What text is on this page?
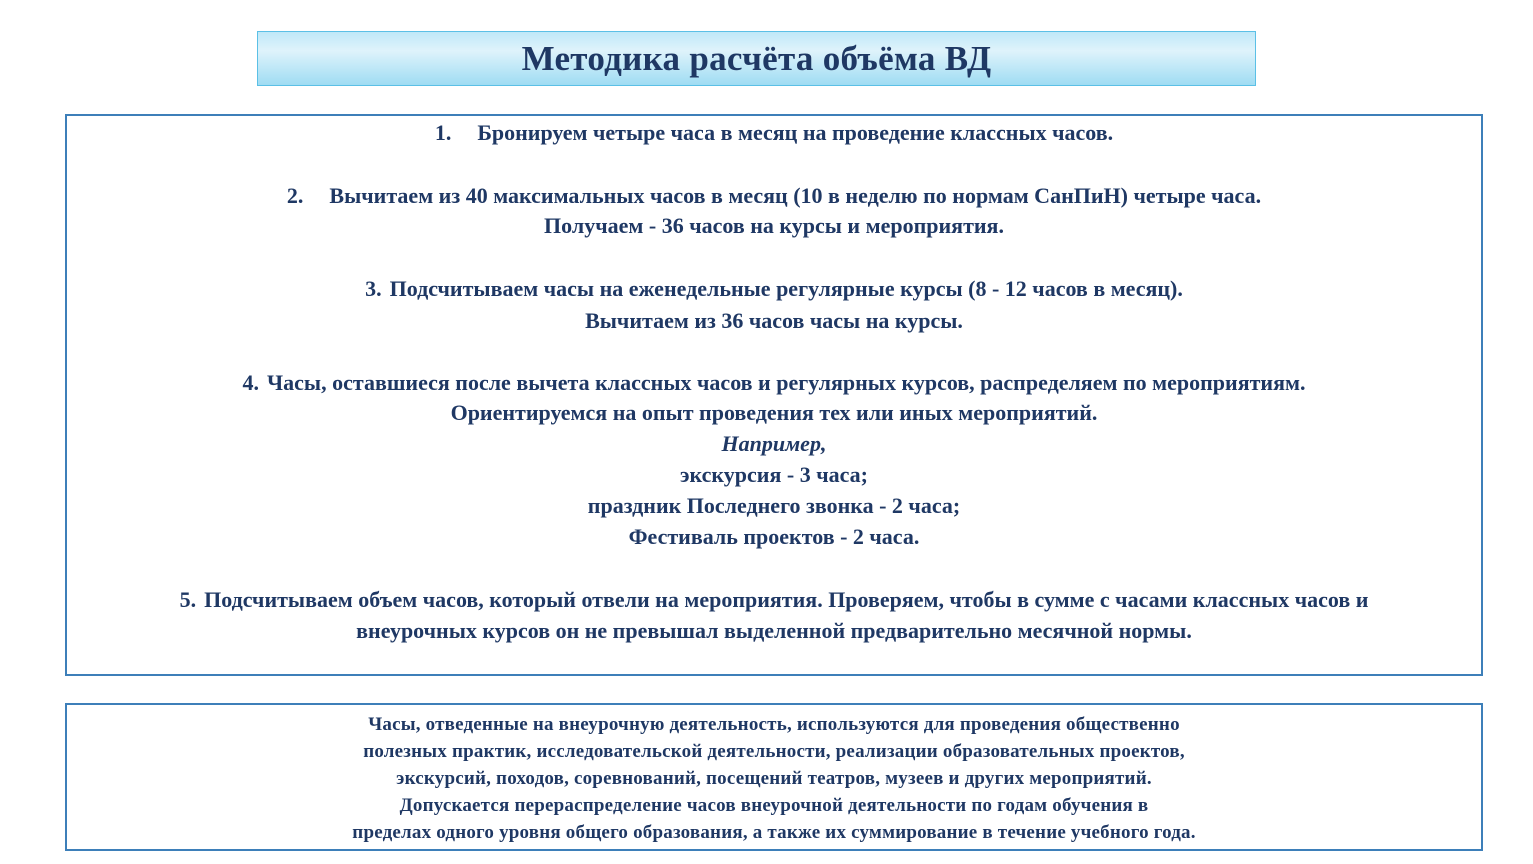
Методика расчёта объёма ВД
1. Бронируем четыре часа в месяц на проведение классных часов.
2. Вычитаем из 40 максимальных часов в месяц (10 в неделю по нормам СанПиН) четыре часа.
Получаем - 36 часов на курсы и мероприятия.
3. Подсчитываем часы на еженедельные регулярные курсы (8 - 12 часов в месяц).
Вычитаем из 36 часов часы на курсы.
4. Часы, оставшиеся после вычета классных часов и регулярных курсов, распределяем по мероприятиям.
Ориентируемся на опыт проведения тех или иных мероприятий.
Например,
экскурсия - 3 часа;
праздник Последнего звонка - 2 часа;
Фестиваль проектов - 2 часа.
5. Подсчитываем объем часов, который отвели на мероприятия. Проверяем, чтобы в сумме с часами классных часов и
внеурочных курсов он не превышал выделенной предварительно месячной нормы.
Часы, отведенные на внеурочную деятельность, используются для проведения общественно
полезных практик, исследовательской деятельности, реализации образовательных проектов,
экскурсий, походов, соревнований, посещений театров, музеев и других мероприятий.
Допускается перераспределение часов внеурочной деятельности по годам обучения в
пределах одного уровня общего образования, а также их суммирование в течение учебного года.
